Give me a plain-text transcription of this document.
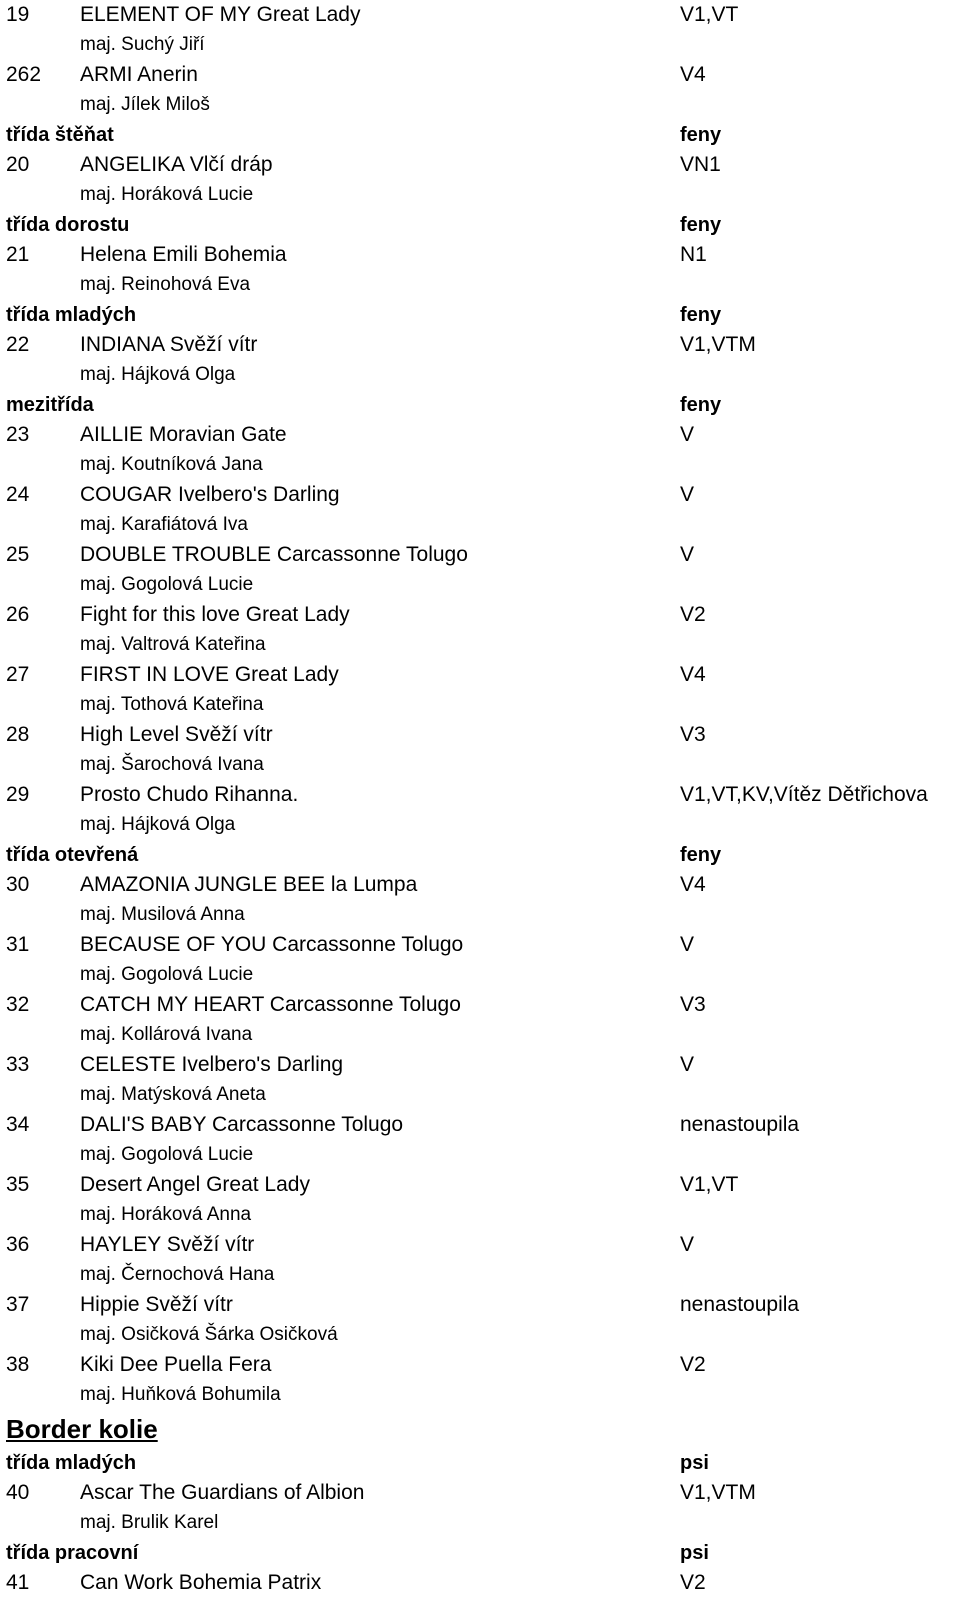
19 ELEMENT OF MY Great Lady	V1,VT
maj. Suchý Jiří
262 ARMI Anerin	V4
maj. Jílek Miloš
třída štěňat	feny
20 ANGELIKA Vlčí dráp	VN1
maj. Horáková Lucie
třída dorostu	feny
21 Helena Emili Bohemia	N1
maj. Reinohová Eva
třída mladých	feny
22 INDIANA Svěží vítr	V1,VTM
maj. Hájková Olga
mezitřída	feny
23 AILLIE Moravian Gate	V
maj. Koutníková Jana
24 COUGAR Ivelbero's Darling	V
maj. Karafiátová Iva
25 DOUBLE TROUBLE Carcassonne Tolugo	V
maj. Gogolová Lucie
26 Fight for this love Great Lady	V2
maj. Valtrová Kateřina
27 FIRST IN LOVE Great Lady	V4
maj. Tothová Kateřina
28 High Level Svěží vítr	V3
maj. Šarochová Ivana
29 Prosto Chudo Rihanna.	V1,VT,KV,Vítěz Dětřichova
maj. Hájková Olga
třída otevřená	feny
30 AMAZONIA JUNGLE BEE la Lumpa	V4
maj. Musilová Anna
31 BECAUSE OF YOU Carcassonne Tolugo	V
maj. Gogolová Lucie
32 CATCH MY HEART Carcassonne Tolugo	V3
maj. Kollárová Ivana
33 CELESTE Ivelbero's Darling	V
maj. Matýsková Aneta
34 DALI'S BABY Carcassonne Tolugo	nenastoupila
maj. Gogolová Lucie
35 Desert Angel Great Lady	V1,VT
maj. Horáková Anna
36 HAYLEY Svěží vítr	V
maj. Černochová Hana
37 Hippie Svěží vítr	nenastoupila
maj. Osičková Šárka Osičková
38 Kiki Dee Puella Fera	V2
maj. Huňková Bohumila
Border kolie
třída mladých	psi
40 Ascar The Guardians of Albion	V1,VTM
maj. Brulik Karel
třída pracovní	psi
41 Can Work Bohemia Patrix	V2
